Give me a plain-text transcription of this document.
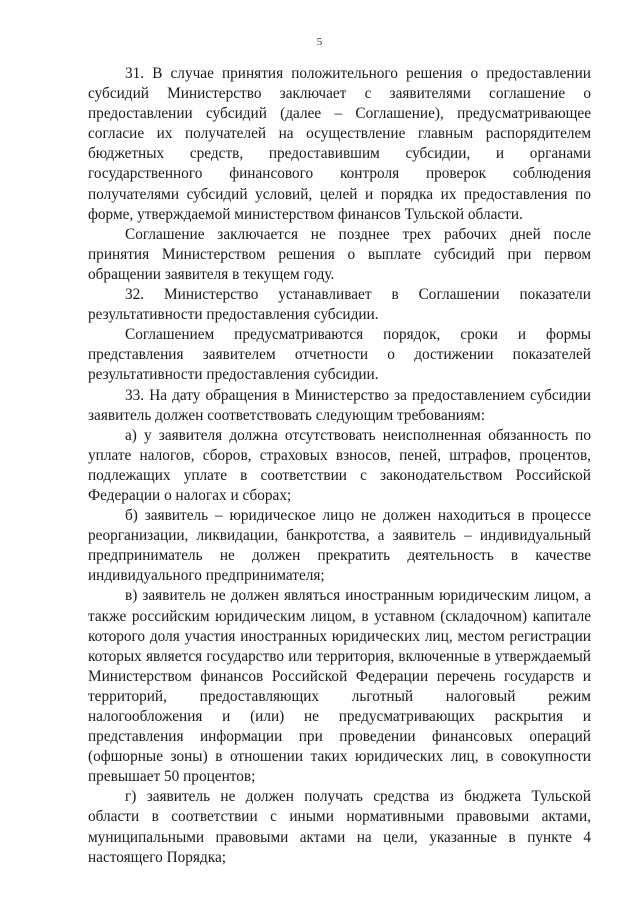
5

31. В случае принятия положительного решения о предоставлении субсидий Министерство заключает с заявителями соглашение о предоставлении субсидий (далее – Соглашение), предусматривающее согласие их получателей на осуществление главным распорядителем бюджетных средств, предоставившим субсидии, и органами государственного финансового контроля проверок соблюдения получателями субсидий условий, целей и порядка их предоставления по форме, утверждаемой министерством финансов Тульской области.

Соглашение заключается не позднее трех рабочих дней после принятия Министерством решения о выплате субсидий при первом обращении заявителя в текущем году.

32. Министерство устанавливает в Соглашении показатели результативности предоставления субсидии.

Соглашением предусматриваются порядок, сроки и формы представления заявителем отчетности о достижении показателей результативности предоставления субсидии.

33. На дату обращения в Министерство за предоставлением субсидии заявитель должен соответствовать следующим требованиям:

а) у заявителя должна отсутствовать неисполненная обязанность по уплате налогов, сборов, страховых взносов, пеней, штрафов, процентов, подлежащих уплате в соответствии с законодательством Российской Федерации о налогах и сборах;

б) заявитель – юридическое лицо не должен находиться в процессе реорганизации, ликвидации, банкротства, а заявитель – индивидуальный предприниматель не должен прекратить деятельность в качестве индивидуального предпринимателя;

в) заявитель не должен являться иностранным юридическим лицом, а также российским юридическим лицом, в уставном (складочном) капитале которого доля участия иностранных юридических лиц, местом регистрации которых является государство или территория, включенные в утверждаемый Министерством финансов Российской Федерации перечень государств и территорий, предоставляющих льготный налоговый режим налогообложения и (или) не предусматривающих раскрытия и представления информации при проведении финансовых операций (офшорные зоны) в отношении таких юридических лиц, в совокупности превышает 50 процентов;

г) заявитель не должен получать средства из бюджета Тульской области в соответствии с иными нормативными правовыми актами, муниципальными правовыми актами на цели, указанные в пункте 4 настоящего Порядка;
